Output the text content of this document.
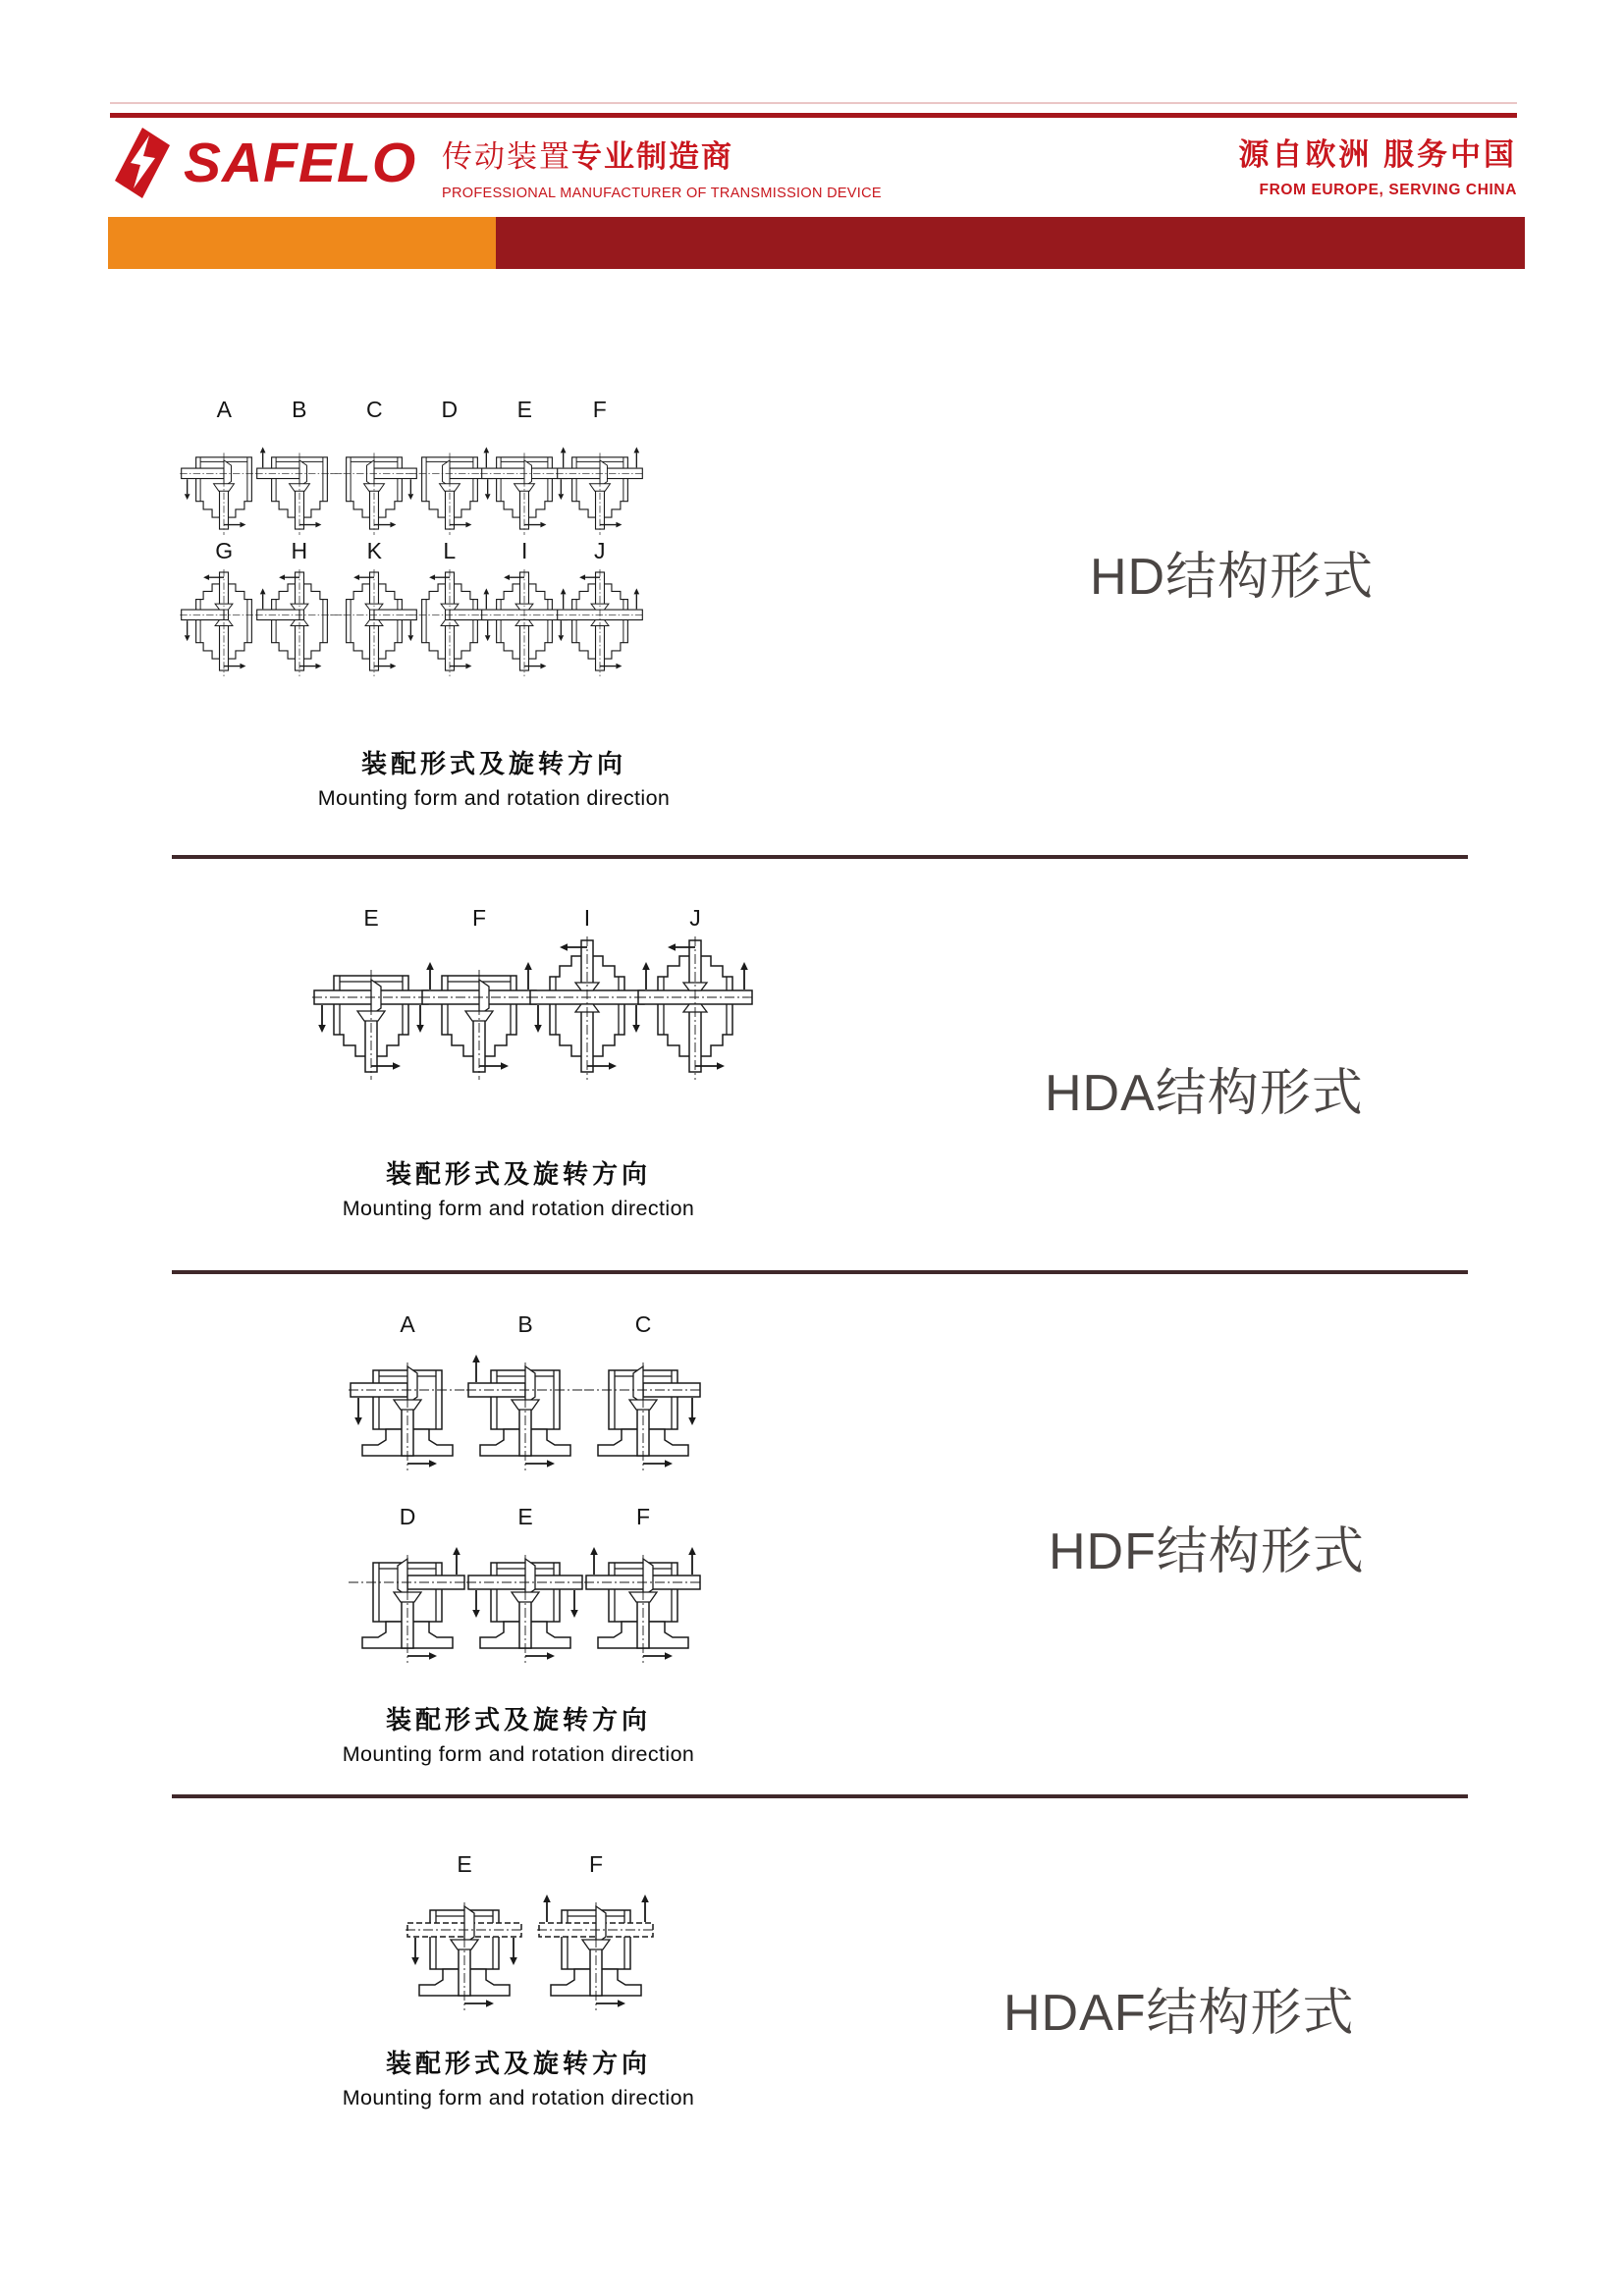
SAFELO 传动装置专业制造商
PROFESSIONAL MANUFACTURER OF TRANSMISSION DEVICE
源自欧洲 服务中国
FROM EUROPE, SERVING CHINA
A	B	C	D	E	F
G	H	K	L	I	J
装配形式及旋转方向
Mounting form and rotation direction
HD结构形式
E	F	I	J
装配形式及旋转方向
Mounting form and rotation direction
HDA结构形式
A	B	C
D	E	F
装配形式及旋转方向
Mounting form and rotation direction
HDF结构形式
E	F
装配形式及旋转方向
Mounting form and rotation direction
HDAF结构形式
